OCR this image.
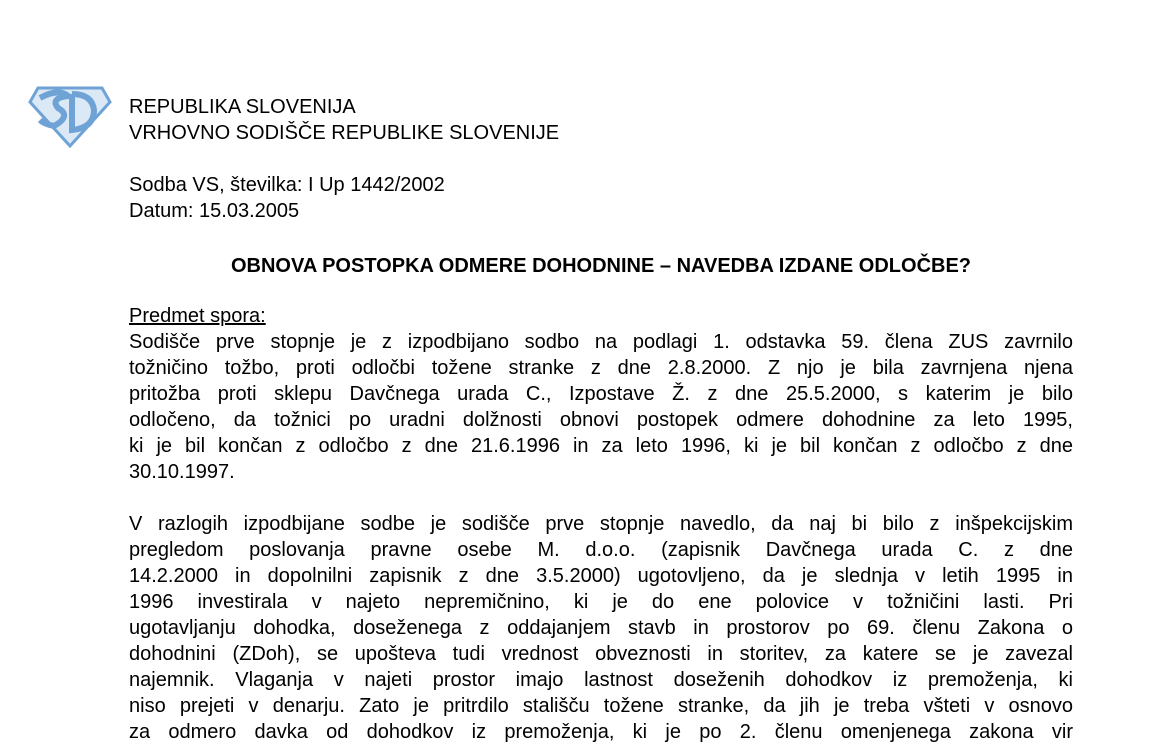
REPUBLIKA SLOVENIJA
VRHOVNO SODIŠČE REPUBLIKE SLOVENIJE
Sodba VS, številka: I Up 1442/2002
Datum: 15.03.2005
OBNOVA POSTOPKA ODMERE DOHODNINE – NAVEDBA IZDANE ODLOČBE?
Predmet spora:
Sodišče prve stopnje je z izpodbijano sodbo na podlagi 1. odstavka 59. člena ZUS zavrnilo
tožničino tožbo, proti odločbi tožene stranke z dne 2.8.2000. Z njo je bila zavrnjena njena
pritožba proti sklepu Davčnega urada C., Izpostave Ž. z dne 25.5.2000, s katerim je bilo
odločeno, da tožnici po uradni dolžnosti obnovi postopek odmere dohodnine za leto 1995,
ki je bil končan z odločbo z dne 21.6.1996 in za leto 1996, ki je bil končan z odločbo z dne
30.10.1997.
V razlogih izpodbijane sodbe je sodišče prve stopnje navedlo, da naj bi bilo z inšpekcijskim
pregledom poslovanja pravne osebe M. d.o.o. (zapisnik Davčnega urada C. z dne
14.2.2000 in dopolnilni zapisnik z dne 3.5.2000) ugotovljeno, da je slednja v letih 1995 in
1996 investirala v najeto nepremičnino, ki je do ene polovice v tožničini lasti. Pri
ugotavljanju dohodka, doseženega z oddajanjem stavb in prostorov po 69. členu Zakona o
dohodnini (ZDoh), se upošteva tudi vrednost obveznosti in storitev, za katere se je zavezal
najemnik. Vlaganja v najeti prostor imajo lastnost doseženih dohodkov iz premoženja, ki
niso prejeti v denarju. Zato je pritrdilo stališču tožene stranke, da jih je treba všteti v osnovo
za odmero davka od dohodkov iz premoženja, ki je po 2. členu omenjenega zakona vir
